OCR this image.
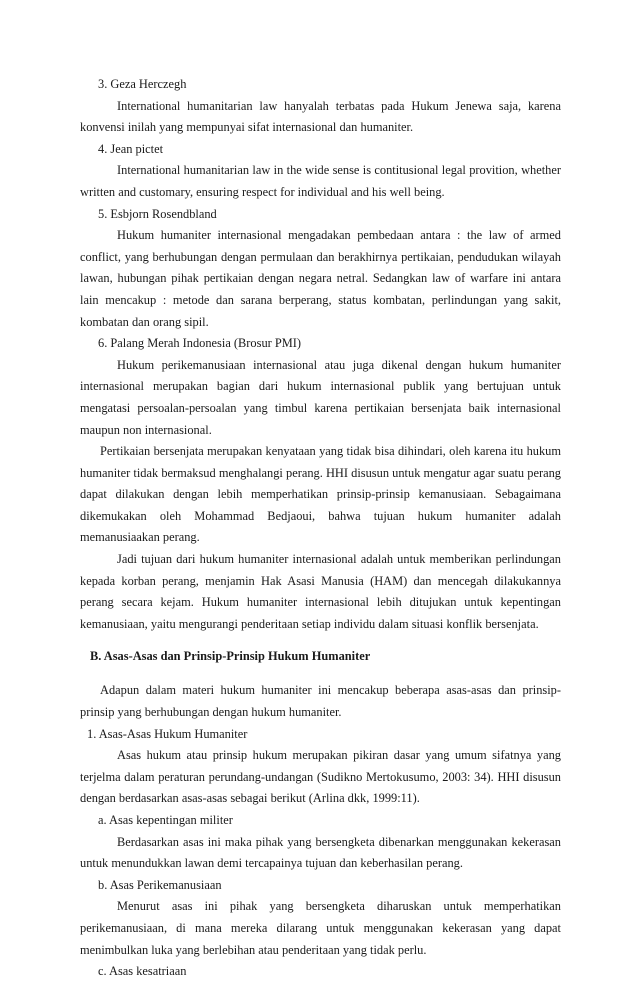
3. Geza Herczegh

International humanitarian law hanyalah terbatas pada Hukum Jenewa saja, karena konvensi inilah yang mempunyai sifat internasional dan humaniter.

4. Jean pictet

International humanitarian law in the wide sense is contitusional legal provition, whether written and customary, ensuring respect for individual and his well being.

5. Esbjorn Rosendbland

Hukum humaniter internasional mengadakan pembedaan antara : the law of armed conflict, yang berhubungan dengan permulaan dan berakhirnya pertikaian, pendudukan wilayah lawan, hubungan pihak pertikaian dengan negara netral. Sedangkan law of warfare ini antara lain mencakup : metode dan sarana berperang, status kombatan, perlindungan yang sakit, kombatan dan orang sipil.

6. Palang Merah Indonesia (Brosur PMI)

Hukum perikemanusiaan internasional atau juga dikenal dengan hukum humaniter internasional merupakan bagian dari hukum internasional publik yang bertujuan untuk mengatasi persoalan-persoalan yang timbul karena pertikaian bersenjata baik internasional maupun non internasional.

Pertikaian bersenjata merupakan kenyataan yang tidak bisa dihindari, oleh karena itu hukum humaniter tidak bermaksud menghalangi perang. HHI disusun untuk mengatur agar suatu perang dapat dilakukan dengan lebih memperhatikan prinsip-prinsip kemanusiaan. Sebagaimana dikemukakan oleh Mohammad Bedjaoui, bahwa tujuan hukum humaniter adalah memanusiaakan perang.

Jadi tujuan dari hukum humaniter internasional adalah untuk memberikan perlindungan kepada korban perang, menjamin Hak Asasi Manusia (HAM) dan mencegah dilakukannya perang secara kejam. Hukum humaniter internasional lebih ditujukan untuk kepentingan kemanusiaan, yaitu mengurangi penderitaan setiap individu dalam situasi konflik bersenjata.

B. Asas-Asas dan Prinsip-Prinsip Hukum Humaniter

Adapun dalam materi hukum humaniter ini mencakup beberapa asas-asas dan prinsip-prinsip yang berhubungan dengan hukum humaniter.

1. Asas-Asas Hukum Humaniter

Asas hukum atau prinsip hukum merupakan pikiran dasar yang umum sifatnya yang terjelma dalam peraturan perundang-undangan (Sudikno Mertokusumo, 2003: 34). HHI disusun dengan berdasarkan asas-asas sebagai berikut (Arlina dkk, 1999:11).

a. Asas kepentingan militer

Berdasarkan asas ini maka pihak yang bersengketa dibenarkan menggunakan kekerasan untuk menundukkan lawan demi tercapainya tujuan dan keberhasilan perang.

b. Asas Perikemanusiaan

Menurut asas ini pihak yang bersengketa diharuskan untuk memperhatikan perikemanusiaan, di mana mereka dilarang untuk menggunakan kekerasan yang dapat menimbulkan luka yang berlebihan atau penderitaan yang tidak perlu.

c. Asas kesatriaan
